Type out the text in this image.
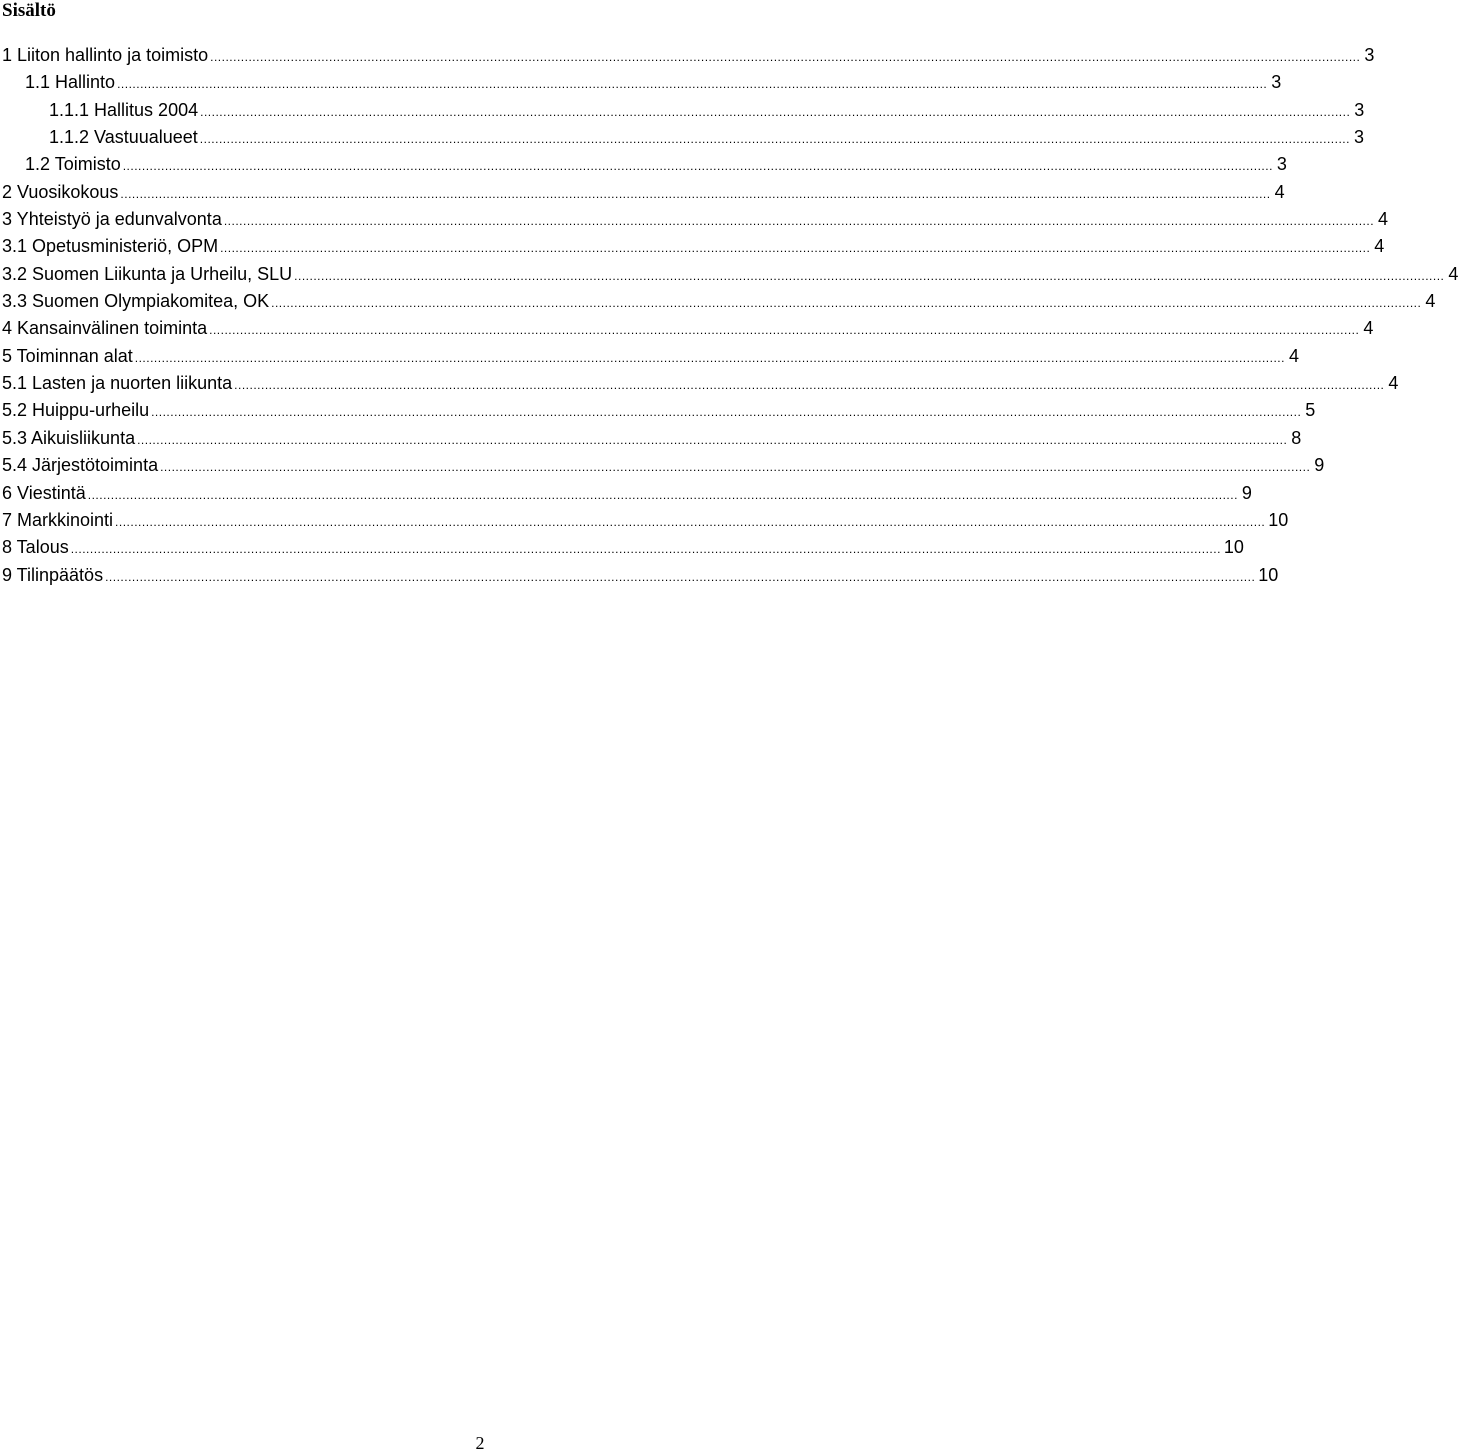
Sisältö
1 Liiton hallinto ja toimisto ............................................................................................................................................................................................................................................................................................................ 3
1.1 Hallinto ............................................................................................................................................................................................................................................................................................................ 3
1.1.1 Hallitus 2004 ............................................................................................................................................................................................................................................................................................................ 3
1.1.2 Vastuualueet ............................................................................................................................................................................................................................................................................................................ 3
1.2 Toimisto ............................................................................................................................................................................................................................................................................................................ 3
2 Vuosikokous ............................................................................................................................................................................................................................................................................................................ 4
3 Yhteistyö ja edunvalvonta ............................................................................................................................................................................................................................................................................................................ 4
3.1 Opetusministeriö, OPM ............................................................................................................................................................................................................................................................................................................ 4
3.2 Suomen Liikunta ja Urheilu, SLU ............................................................................................................................................................................................................................................................................................................ 4
3.3 Suomen Olympiakomitea, OK ............................................................................................................................................................................................................................................................................................................ 4
4 Kansainvälinen toiminta ............................................................................................................................................................................................................................................................................................................ 4
5 Toiminnan alat ............................................................................................................................................................................................................................................................................................................ 4
5.1 Lasten ja nuorten liikunta ............................................................................................................................................................................................................................................................................................................ 4
5.2 Huippu-urheilu ............................................................................................................................................................................................................................................................................................................ 5
5.3 Aikuisliikunta ............................................................................................................................................................................................................................................................................................................ 8
5.4 Järjestötoiminta ............................................................................................................................................................................................................................................................................................................ 9
6 Viestintä ............................................................................................................................................................................................................................................................................................................ 9
7 Markkinointi ............................................................................................................................................................................................................................................................................................................ 10
8 Talous ............................................................................................................................................................................................................................................................................................................ 10
9 Tilinpäätös ............................................................................................................................................................................................................................................................................................................ 10
2
